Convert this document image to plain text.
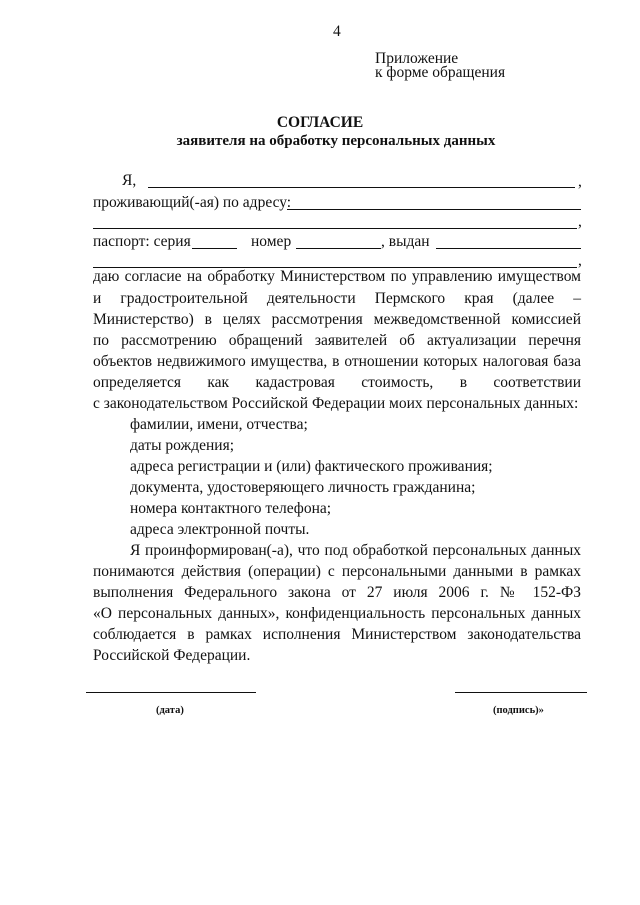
4
Приложение
к форме обращения
СОГЛАСИЕ
заявителя на обработку персональных данных
Я,	,
проживающий(-ая) по адресу:
,
паспорт: серия	номер	, выдан
,
даю согласие на обработку Министерством по управлению имуществом
и градостроительной деятельности Пермского края (далее –
Министерство) в целях рассмотрения межведомственной комиссией
по рассмотрению обращений заявителей об актуализации перечня
объектов недвижимого имущества, в отношении которых налоговая база
определяется как кадастровая стоимость, в соответствии
с законодательством Российской Федерации моих персональных данных:
фамилии, имени, отчества;
даты рождения;
адреса регистрации и (или) фактического проживания;
документа, удостоверяющего личность гражданина;
номера контактного телефона;
адреса электронной почты.
Я проинформирован(-а), что под обработкой персональных данных
понимаются действия (операции) с персональными данными в рамках
выполнения Федерального закона от 27 июля 2006 г. № 152-ФЗ
«О персональных данных», конфиденциальность персональных данных
соблюдается в рамках исполнения Министерством законодательства
Российской Федерации.
(дата)	(подпись)»
